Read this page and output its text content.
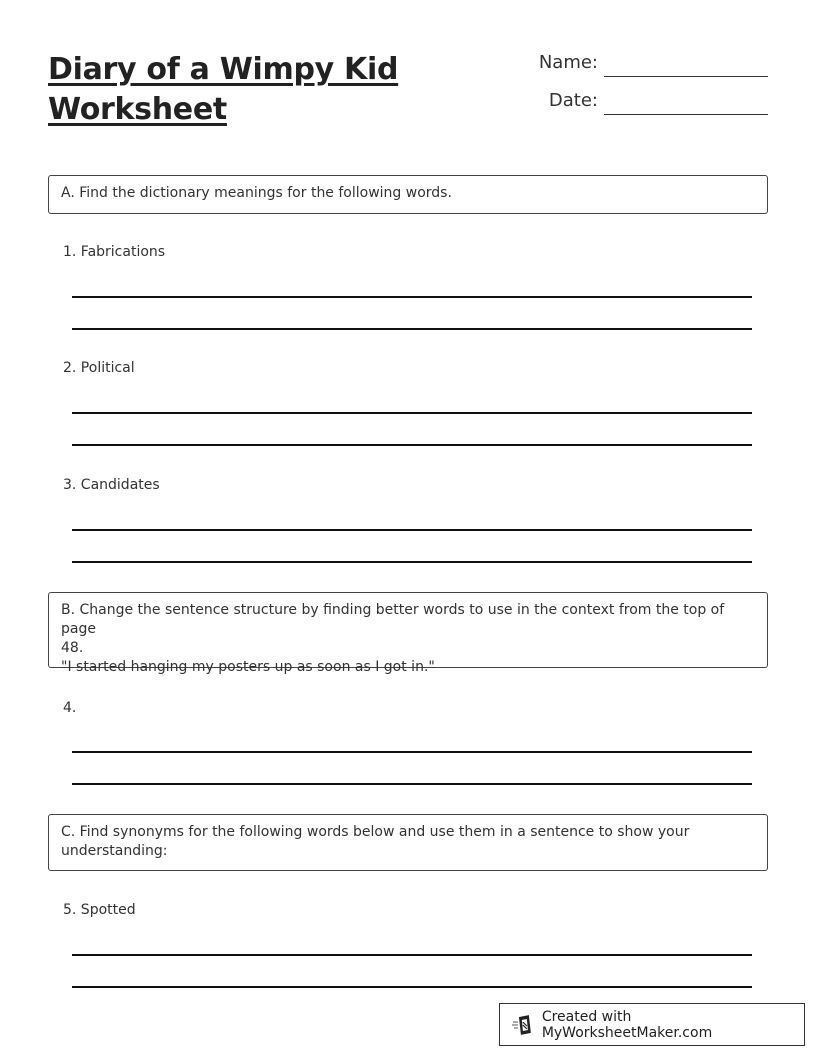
Diary of a Wimpy Kid
Worksheet
Name:
Date:
A. Find the dictionary meanings for the following words.
1. Fabrications
2. Political
3. Candidates
B. Change the sentence structure by finding better words to use in the context from the top of page
48.
"I started hanging my posters up as soon as I got in."
4.
C. Find synonyms for the following words below and use them in a sentence to show your
understanding:
5. Spotted
Created with MyWorksheetMaker.com
